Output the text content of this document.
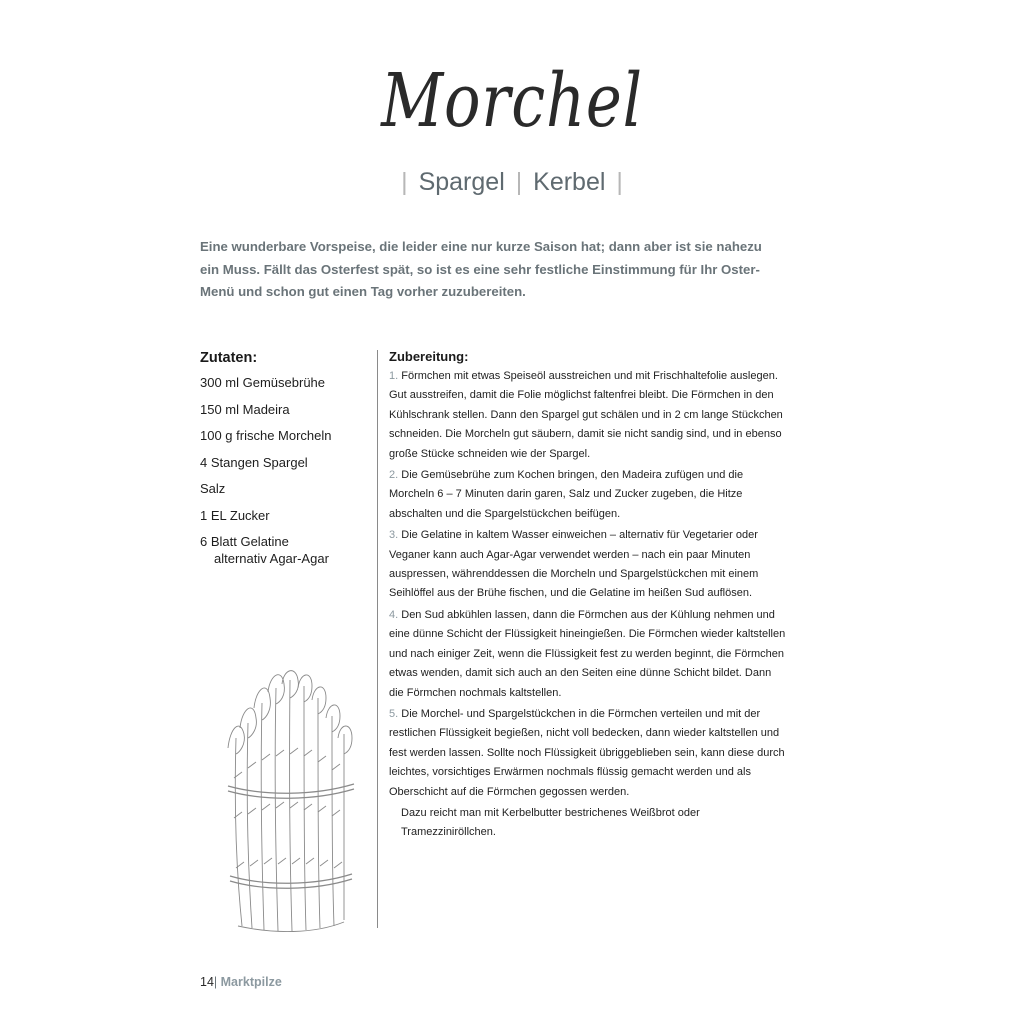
Morchel
| Spargel | Kerbel |
Eine wunderbare Vorspeise, die leider eine nur kurze Saison hat; dann aber ist sie nahezu ein Muss. Fällt das Osterfest spät, so ist es eine sehr festliche Einstimmung für Ihr Oster-Menü und schon gut einen Tag vorher zuzubereiten.
Zutaten:
300 ml Gemüsebrühe
150 ml Madeira
100 g frische Morcheln
4 Stangen Spargel
Salz
1 EL Zucker
6 Blatt Gelatine
alternativ Agar-Agar
Zubereitung:
1. Förmchen mit etwas Speiseöl ausstreichen und mit Frischhaltefolie auslegen. Gut ausstreifen, damit die Folie möglichst faltenfrei bleibt. Die Förmchen in den Kühlschrank stellen. Dann den Spargel gut schälen und in 2 cm lange Stückchen schneiden. Die Morcheln gut säubern, damit sie nicht sandig sind, und in ebenso große Stücke schneiden wie der Spargel.
2. Die Gemüsebrühe zum Kochen bringen, den Madeira zufügen und die Morcheln 6 – 7 Minuten darin garen, Salz und Zucker zugeben, die Hitze abschalten und die Spargelstückchen beifügen.
3. Die Gelatine in kaltem Wasser einweichen – alternativ für Vegetarier oder Veganer kann auch Agar-Agar verwendet werden – nach ein paar Minuten auspressen, währenddessen die Morcheln und Spargelstückchen mit einem Seihlöffel aus der Brühe fischen, und die Gelatine im heißen Sud auflösen.
4. Den Sud abkühlen lassen, dann die Förmchen aus der Kühlung nehmen und eine dünne Schicht der Flüssigkeit hineingießen. Die Förmchen wieder kaltstellen und nach einiger Zeit, wenn die Flüssigkeit fest zu werden beginnt, die Förmchen etwas wenden, damit sich auch an den Seiten eine dünne Schicht bildet. Dann die Förmchen nochmals kaltstellen.
5. Die Morchel- und Spargelstückchen in die Förmchen verteilen und mit der restlichen Flüssigkeit begießen, nicht voll bedecken, dann wieder kaltstellen und fest werden lassen. Sollte noch Flüssigkeit übriggeblieben sein, kann diese durch leichtes, vorsichtiges Erwärmen nochmals flüssig gemacht werden und als Oberschicht auf die Förmchen gegossen werden.

Dazu reicht man mit Kerbelbutter bestrichenes Weißbrot oder Tramezziniröllchen.

14| Marktpilze
